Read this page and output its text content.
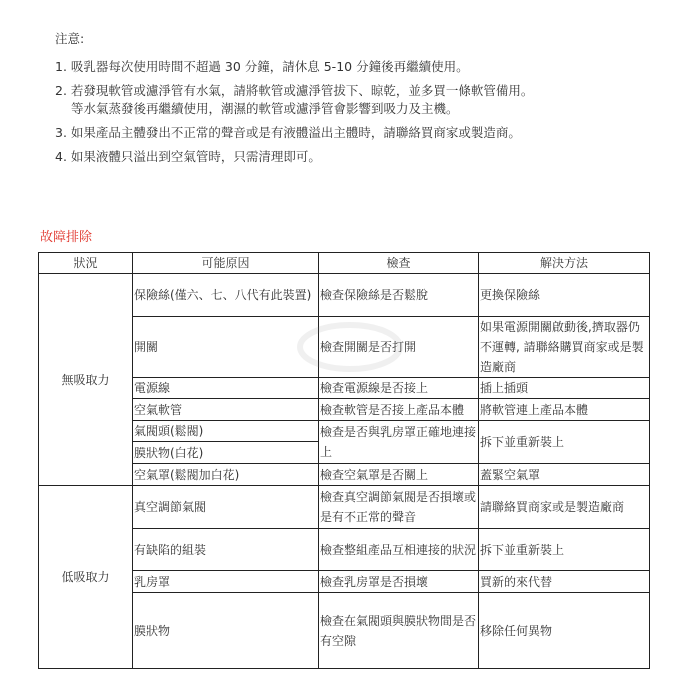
注意:
1. 吸乳器每次使用時間不超過 30 分鐘，請休息 5-10 分鐘後再繼續使用。
2. 若發現軟管或濾淨管有水氣，請將軟管或濾淨管拔下、晾乾，並多買一條軟管備用。
等水氣蒸發後再繼續使用，潮濕的軟管或濾淨管會影響到吸力及主機。
3. 如果產品主體發出不正常的聲音或是有液體溢出主體時，請聯絡買商家或製造商。
4. 如果液體只溢出到空氣管時，只需清理即可。
故障排除
狀況	可能原因	檢查	解決方法
無吸取力	保險絲(僅六、七、八代有此裝置)	檢查保險絲是否鬆脫	更換保險絲
	開關	檢查開關是否打開	如果電源開關啟動後,擠取器仍不運轉, 請聯絡購買商家或是製造廠商
	電源線	檢查電源線是否接上	插上插頭
	空氣軟管	檢查軟管是否接上產品本體	將軟管連上產品本體
	氣閥頭(鬆閥)	檢查是否與乳房罩正確地連接上	拆下並重新裝上
	膜狀物(白花)		
	空氣罩(鬆閥加白花)	檢查空氣罩是否關上	蓋緊空氣罩
低吸取力	真空調節氣閥	檢查真空調節氣閥是否損壞或是有不正常的聲音	請聯絡買商家或是製造廠商
	有缺陷的組裝	檢查整組產品互相連接的狀況	拆下並重新裝上
	乳房罩	檢查乳房罩是否損壞	買新的來代替
	膜狀物	檢查在氣閥頭與膜狀物間是否有空隙	移除任何異物
